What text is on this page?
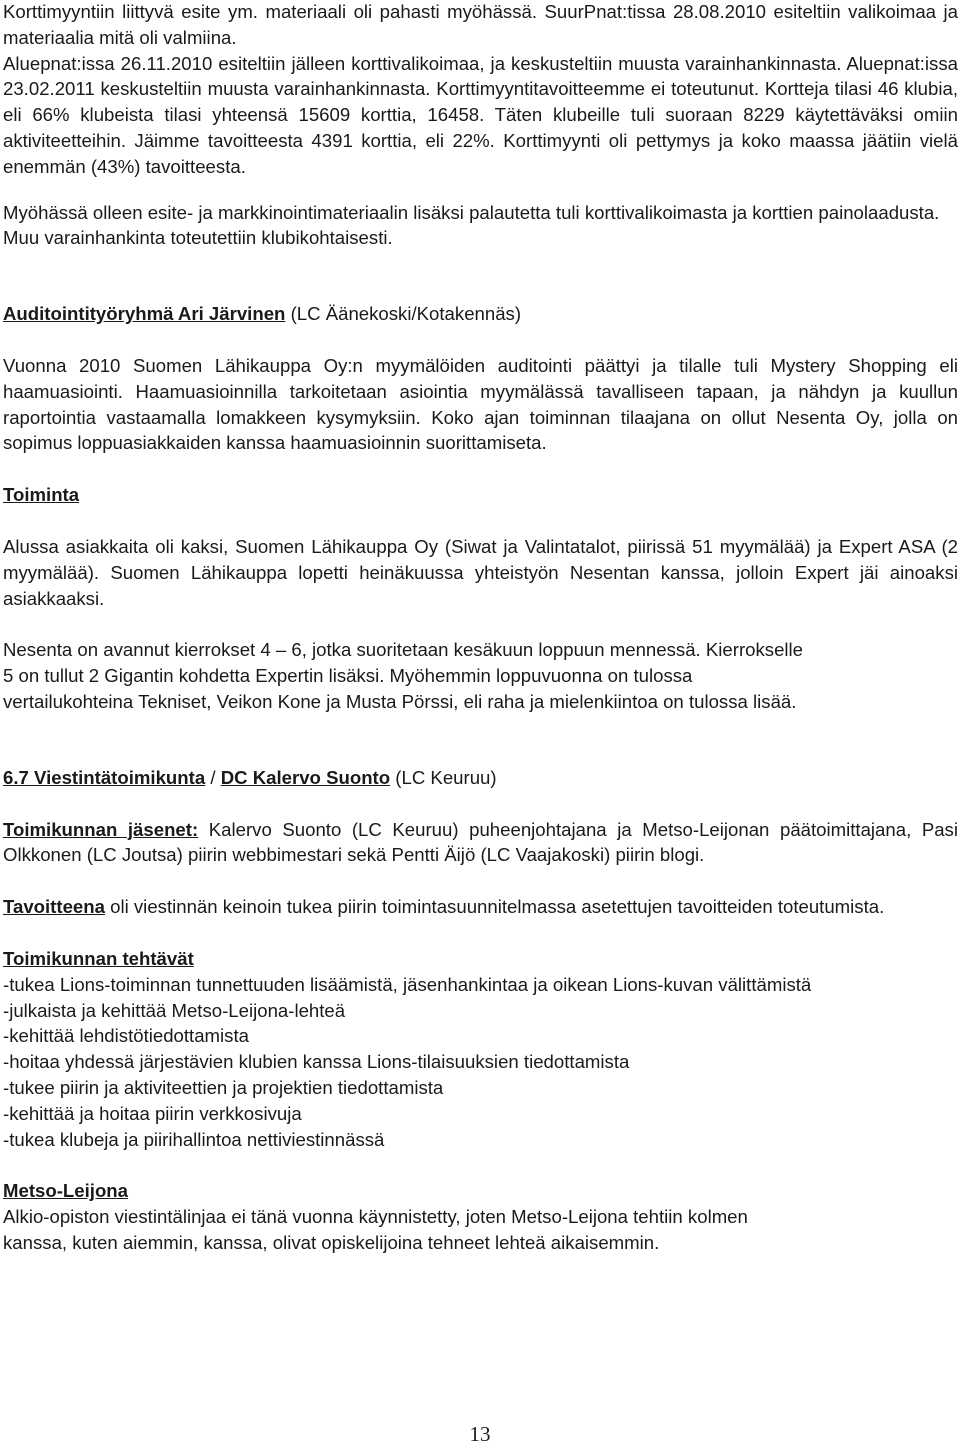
Korttimyyntiin liittyvä esite ym. materiaali oli pahasti myöhässä. SuurPnat:tissa 28.08.2010 esiteltiin valikoimaa ja materiaalia mitä oli valmiina.

Aluepnat:issa 26.11.2010 esiteltiin jälleen korttivalikoimaa, ja keskusteltiin muusta varainhankinnasta. Aluepnat:issa 23.02.2011 keskusteltiin muusta varainhankinnasta. Korttimyyntitavoitteemme ei toteutunut. Kortteja tilasi 46 klubia, eli 66% klubeista tilasi yhteensä 15609 korttia, 16458. Täten klubeille tuli suoraan 8229 käytettäväksi omiin aktiviteetteihin. Jäimme tavoitteesta 4391 korttia, eli 22%. Korttimyynti oli pettymys ja koko maassa jäätiin vielä enemmän (43%) tavoitteesta.

Myöhässä olleen esite- ja markkinointimateriaalin lisäksi palautetta tuli korttivalikoimasta ja korttien painolaadusta.

Muu varainhankinta toteutettiin klubikohtaisesti.

Auditointityöryhmä Ari Järvinen (LC Äänekoski/Kotakennäs)

Vuonna 2010 Suomen Lähikauppa Oy:n myymälöiden auditointi päättyi ja tilalle tuli Mystery Shopping eli haamuasiointi. Haamuasioinnilla tarkoitetaan asiointia myymälässä tavalliseen tapaan, ja nähdyn ja kuullun raportointia vastaamalla lomakkeen kysymyksiin. Koko ajan toiminnan tilaajana on ollut Nesenta Oy, jolla on sopimus loppuasiakkaiden kanssa haamuasioinnin suorittamiseta.

Toiminta

Alussa asiakkaita oli kaksi, Suomen Lähikauppa Oy (Siwat ja Valintatalot, piirissä 51 myymälää) ja Expert ASA (2 myymälää). Suomen Lähikauppa lopetti heinäkuussa yhteistyön Nesentan kanssa, jolloin Expert jäi ainoaksi asiakkaaksi.

Nesenta on avannut kierrokset 4 – 6, jotka suoritetaan kesäkuun loppuun mennessä. Kierrokselle

5 on tullut 2 Gigantin kohdetta Expertin lisäksi. Myöhemmin loppuvuonna on tulossa

vertailukohteina Tekniset, Veikon Kone ja Musta Pörssi, eli raha ja mielenkiintoa on tulossa lisää.

6.7 Viestintätoimikunta / DC Kalervo Suonto (LC Keuruu)

Toimikunnan jäsenet: Kalervo Suonto (LC Keuruu) puheenjohtajana ja Metso-Leijonan päätoimittajana, Pasi Olkkonen (LC Joutsa) piirin webbimestari sekä Pentti Äijö (LC Vaajakoski) piirin blogi.

Tavoitteena oli viestinnän keinoin tukea piirin toimintasuunnitelmassa asetettujen tavoitteiden toteutumista.

Toimikunnan tehtävät

-tukea Lions-toiminnan tunnettuuden lisäämistä, jäsenhankintaa ja oikean Lions-kuvan välittämistä

-julkaista ja kehittää Metso-Leijona-lehteä

-kehittää lehdistötiedottamista

-hoitaa yhdessä järjestävien klubien kanssa Lions-tilaisuuksien tiedottamista

-tukee piirin ja aktiviteettien ja projektien tiedottamista

-kehittää ja hoitaa piirin verkkosivuja

-tukea klubeja ja piirihallintoa nettiviestinnässä

Metso-Leijona

Alkio-opiston viestintälinjaa ei tänä vuonna käynnistetty, joten Metso-Leijona tehtiin kolmen

kanssa, kuten aiemmin, kanssa, olivat opiskelijoina tehneet lehteä aikaisemmin.

13
